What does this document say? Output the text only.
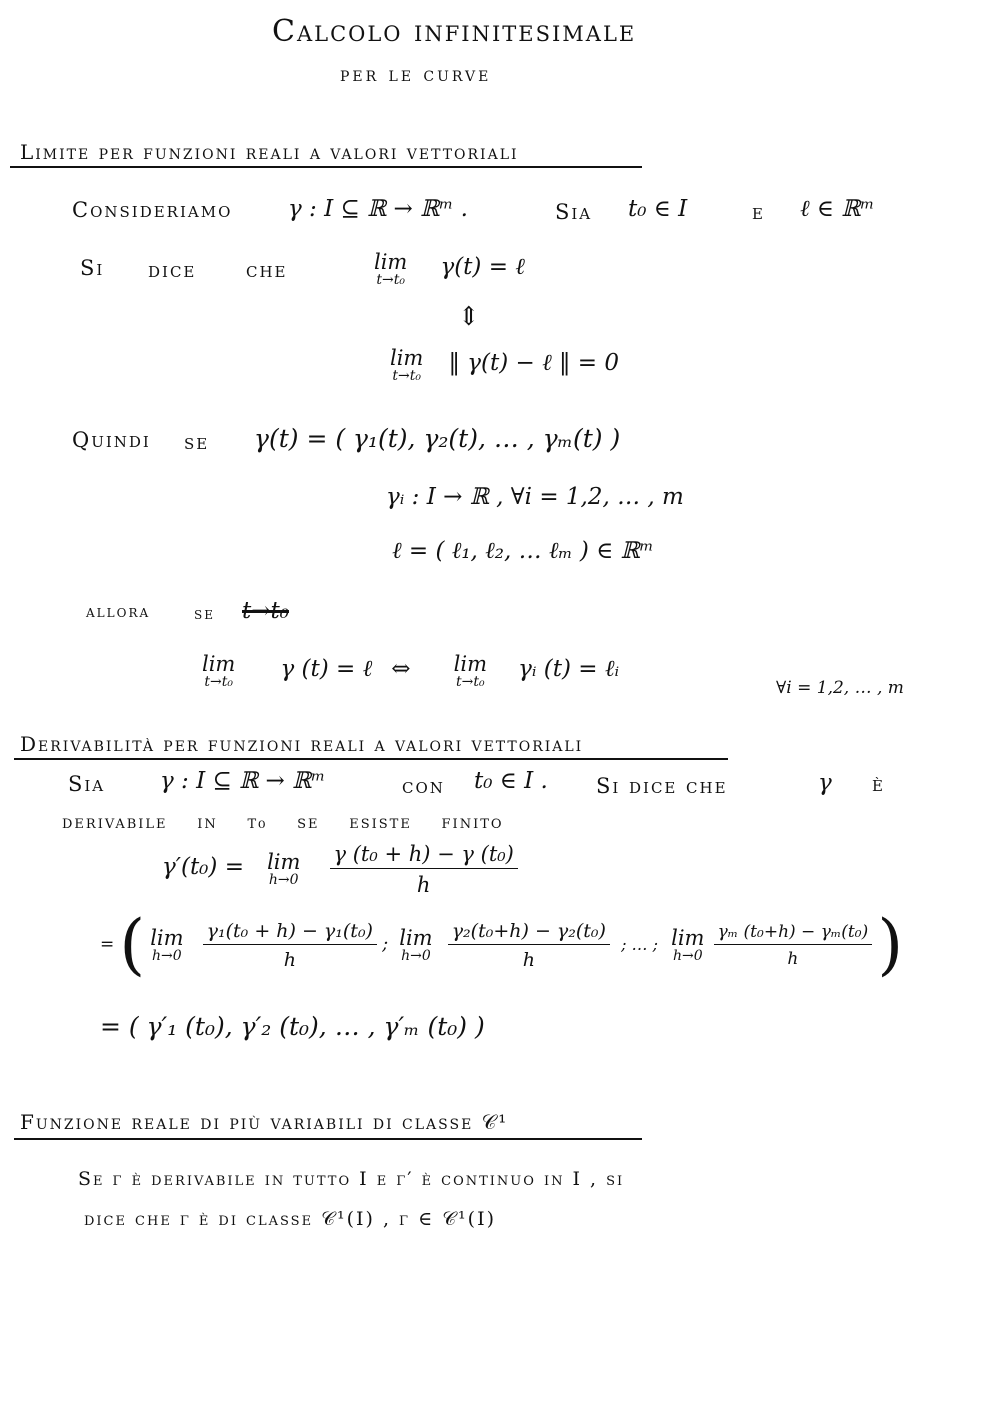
Calcolo infinitesimale
per le curve
Limite per funzioni reali a valori vettoriali
Consideriamo γ : I ⊆ ℝ → ℝᵐ .	Sia t₀ ∈ I	e ℓ ∈ ℝᵐ
Si dice che	lim
t→t₀ γ(t) = ℓ
⇕
lim
t→t₀ ‖ γ(t) − ℓ ‖ = 0
Quindi se γ(t) = ( γ₁(t), γ₂(t), … , γₘ(t) )
γᵢ : I → ℝ , ∀i = 1,2, … , m
ℓ = ( ℓ₁, ℓ₂, … ℓₘ ) ∈ ℝᵐ
allora	se t→t₀
lim
t→t₀ γ (t) = ℓ ⇔ lim
t→t₀ γᵢ (t) = ℓᵢ
∀i = 1,2, … , m
Derivabilità per funzioni reali a valori vettoriali
Sia γ : I ⊆ ℝ → ℝᵐ	con t₀ ∈ I . Si dice che	γ è
derivabile in t₀ se esiste finito
γ′(t₀) = lim
h→0
$\frac{\text{γ (t₀ + h) − γ (t₀)}}{h}$
= ( lim
h→0
$\frac{\text{γ₁(t₀ + h) − γ₁(t₀)}}{h}$ ; lim
h→0
$\frac{\text{γ₂(t₀+h) − γ₂(t₀)}}{h}$ ; … ; lim
h→0
$\frac{\text{γₘ (t₀+h) − γₘ(t₀)}}{h}$ )
= ( γ′₁ (t₀), γ′₂ (t₀), … , γ′ₘ (t₀) )
Funzione reale di più variabili di classe 𝒞¹
Se γ è derivabile in tutto I e γ′ è continuo in I , si
dice che γ è di classe 𝒞¹(I) , γ ∈ 𝒞¹(I)
